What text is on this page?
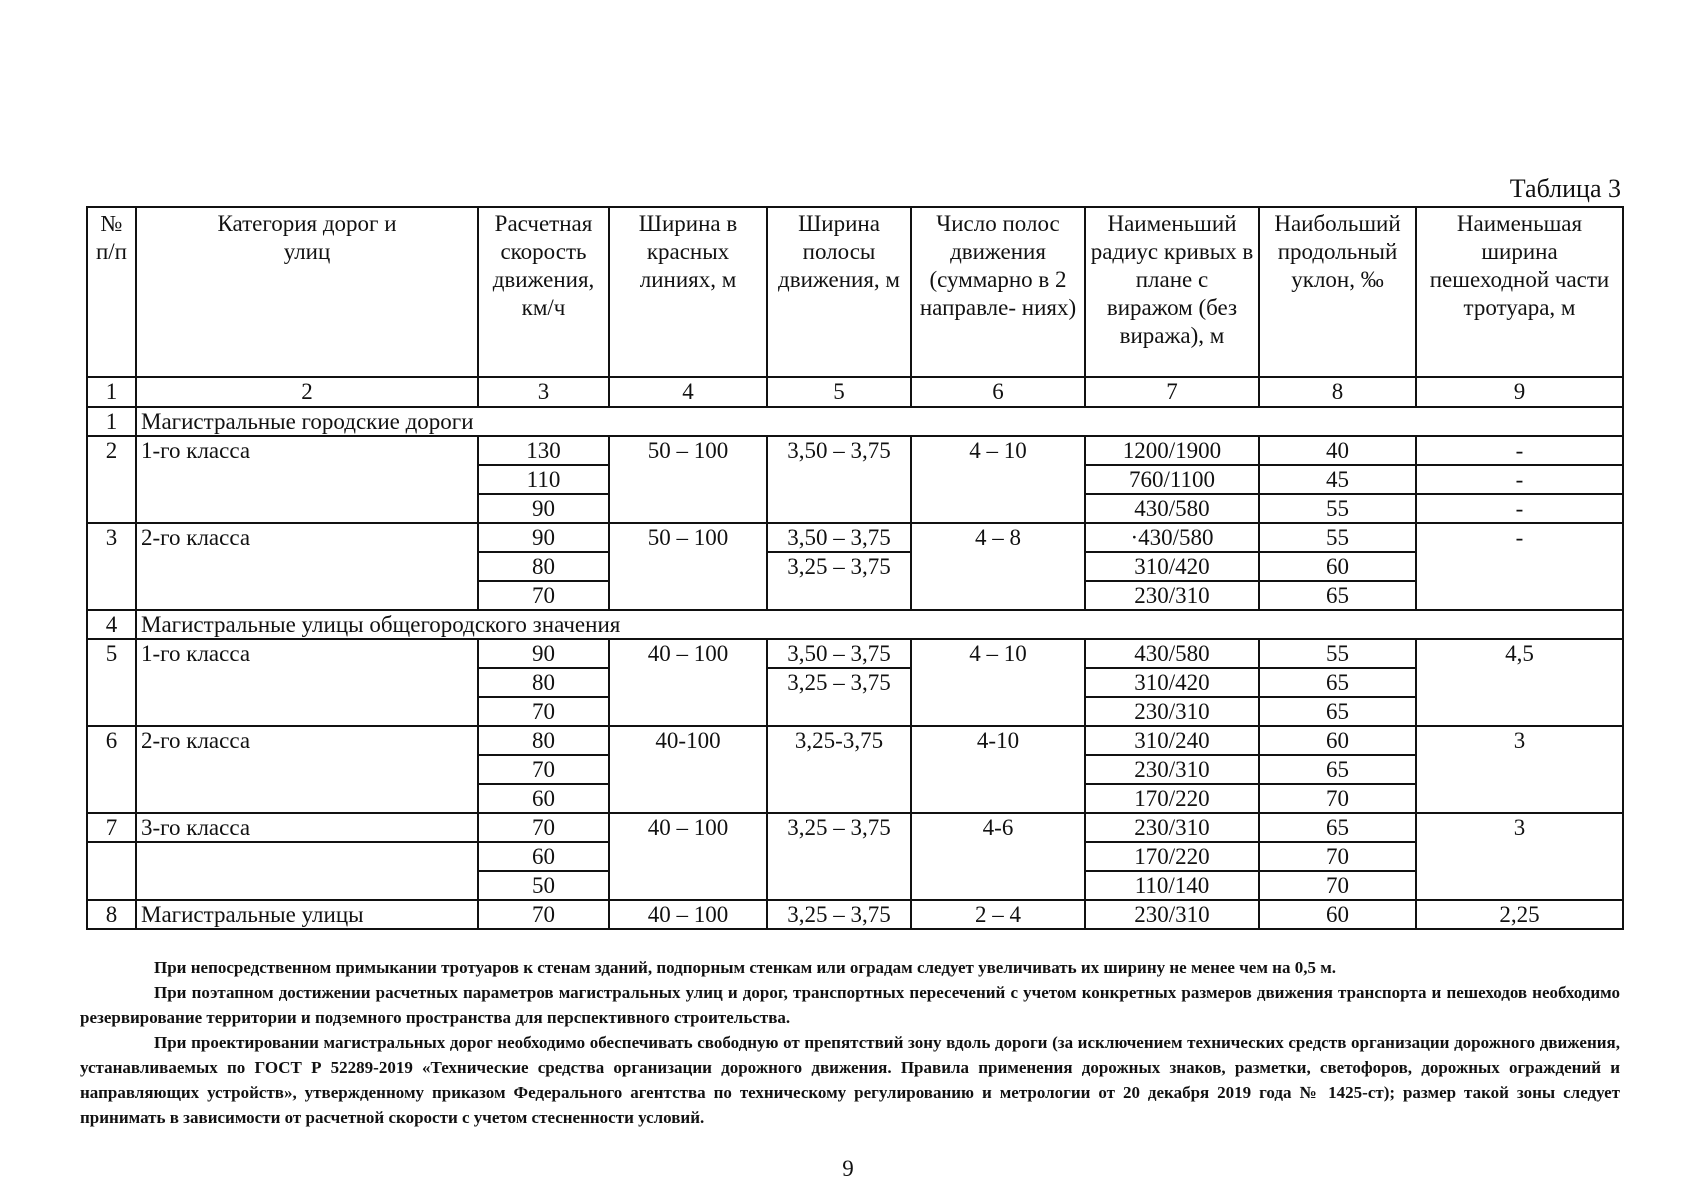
Таблица 3
№ п/п	Категория дорог и улиц	Расчетная скорость движения, км/ч	Ширина в красных линиях, м	Ширина полосы движения, м	Число полос движения (суммарно в 2 направле- ниях)	Наименьший радиус кривых в плане с виражом (без виража), м	Наибольший продольный уклон, ‰	Наименьшая ширина пешеходной части тротуара, м
1	2	3	4	5	6	7	8	9
1	Магистральные городские дороги							
2	1-го класса	130	50 – 100	3,50 – 3,75	4 – 10	1200/1900	40	-
		110				760/1100	45	-
		90				430/580	55	-
3	2-го класса	90	50 – 100	3,50 – 3,75	4 – 8	·430/580	55	-
		80		3,25 – 3,75		310/420	60	
		70				230/310	65	
4	Магистральные улицы общегородского значения							
5	1-го класса	90	40 – 100	3,50 – 3,75	4 – 10	430/580	55	4,5
		80		3,25 – 3,75		310/420	65	
		70				230/310	65	
6	2-го класса	80	40-100	3,25-3,75	4-10	310/240	60	3
		70				230/310	65	
		60				170/220	70	
7	3-го класса	70	40 – 100	3,25 – 3,75	4-6	230/310	65	3
		60				170/220	70	
		50				110/140	70	
8	Магистральные улицы	70	40 – 100	3,25 – 3,75	2 – 4	230/310	60	2,25

При непосредственном примыкании тротуаров к стенам зданий, подпорным стенкам или оградам следует увеличивать их ширину не менее чем на 0,5 м.

При поэтапном достижении расчетных параметров магистральных улиц и дорог, транспортных пересечений с учетом конкретных размеров движения транспорта и пешеходов необходимо резервирование территории и подземного пространства для перспективного строительства.

При проектировании магистральных дорог необходимо обеспечивать свободную от препятствий зону вдоль дороги (за исключением технических средств организации дорожного движения, устанавливаемых по ГОСТ Р 52289-2019 «Технические средства организации дорожного движения. Правила применения дорожных знаков, разметки, светофоров, дорожных ограждений и направляющих устройств», утвержденному приказом Федерального агентства по техническому регулированию и метрологии от 20 декабря 2019 года № 1425-ст); размер такой зоны следует принимать в зависимости от расчетной скорости с учетом стесненности условий.

9
